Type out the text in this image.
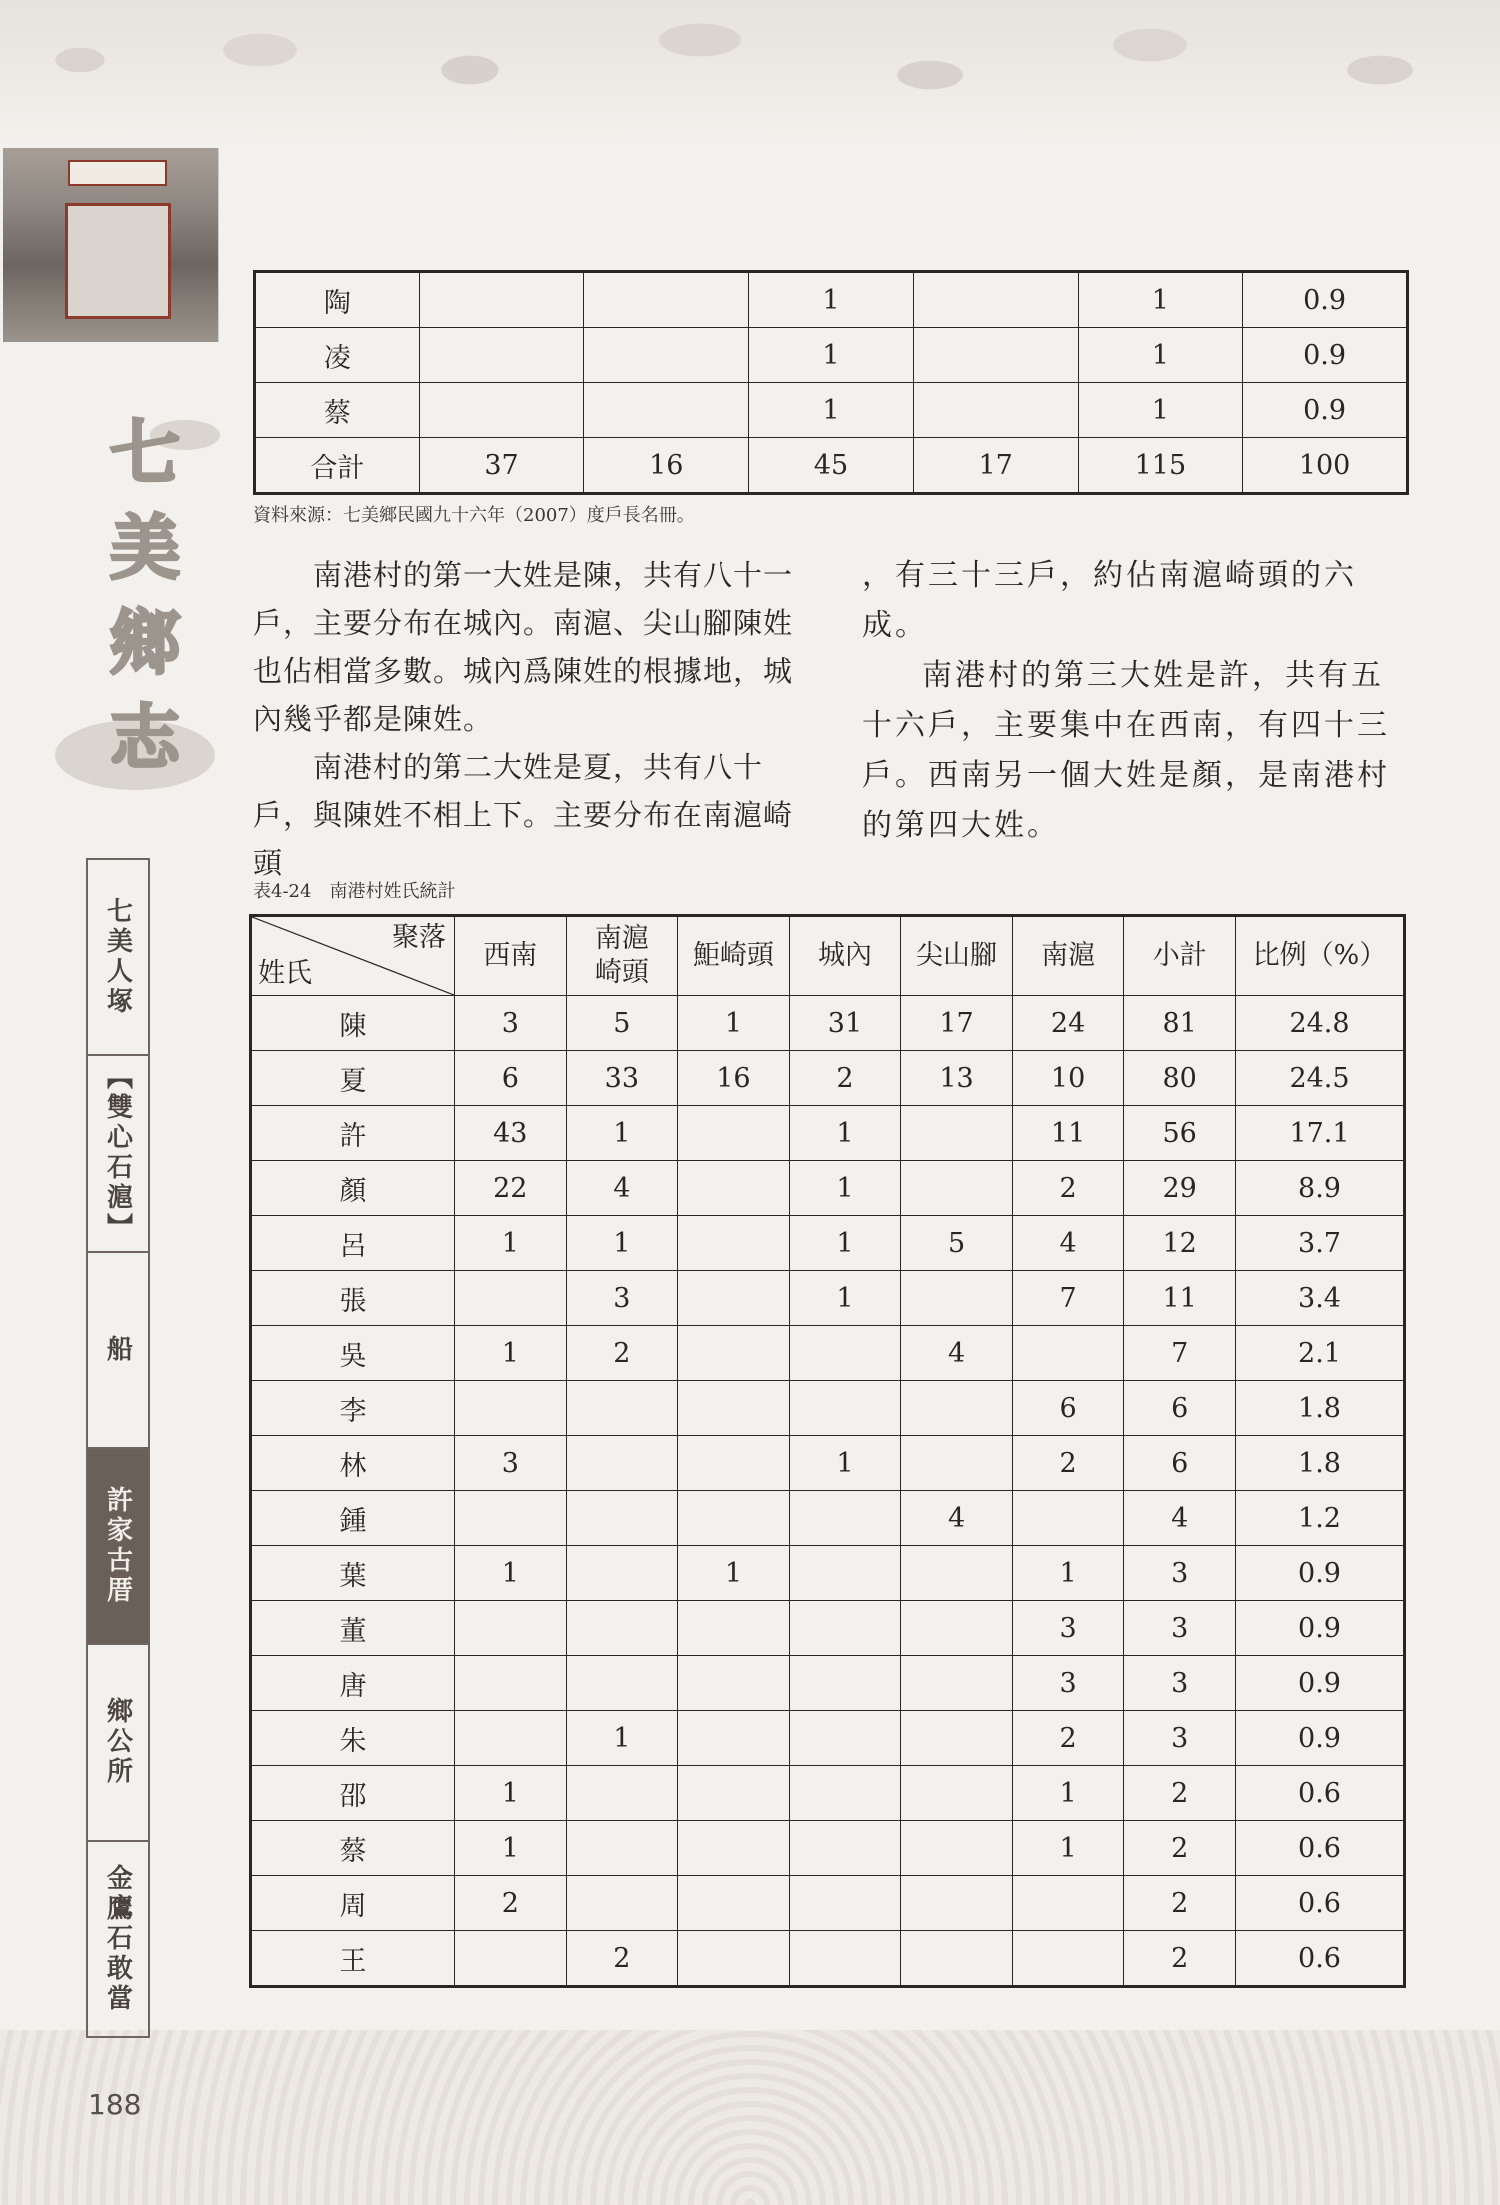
七
美
鄉
志
七美人塚
【雙心石滬】
船
許家古厝
鄉公所
金鷹石敢當
188
陶			1		1	0.9
凌			1		1	0.9
蔡			1		1	0.9
合計	37	16	45	17	115	100
資料來源：七美鄉民國九十六年（2007）度戶長名冊。

南港村的第一大姓是陳，共有八十一戶，主要分布在城內。南滬、尖山腳陳姓也佔相當多數。城內爲陳姓的根據地，城內幾乎都是陳姓。

南港村的第二大姓是夏，共有八十戶，與陳姓不相上下。主要分布在南滬崎頭

，有三十三戶，約佔南滬崎頭的六成。

南港村的第三大姓是許，共有五十六戶，主要集中在西南，有四十三戶。西南另一個大姓是顏，是南港村的第四大姓。

表4-24　南港村姓氏統計
聚落
姓氏	西南	南滬崎頭	鮔崎頭	城內	尖山腳	南滬	小計	比例（%）
陳	3	5	1	31	17	24	81	24.8
夏	6	33	16	2	13	10	80	24.5
許	43	1		1		11	56	17.1
顏	22	4		1		2	29	8.9
呂	1	1		1	5	4	12	3.7
張		3		1		7	11	3.4
吳	1	2			4		7	2.1
李						6	6	1.8
林	3			1		2	6	1.8
鍾					4		4	1.2
葉	1		1			1	3	0.9
董						3	3	0.9
唐						3	3	0.9
朱		1				2	3	0.9
邵	1					1	2	0.6
蔡	1					1	2	0.6
周	2						2	0.6
王		2					2	0.6
